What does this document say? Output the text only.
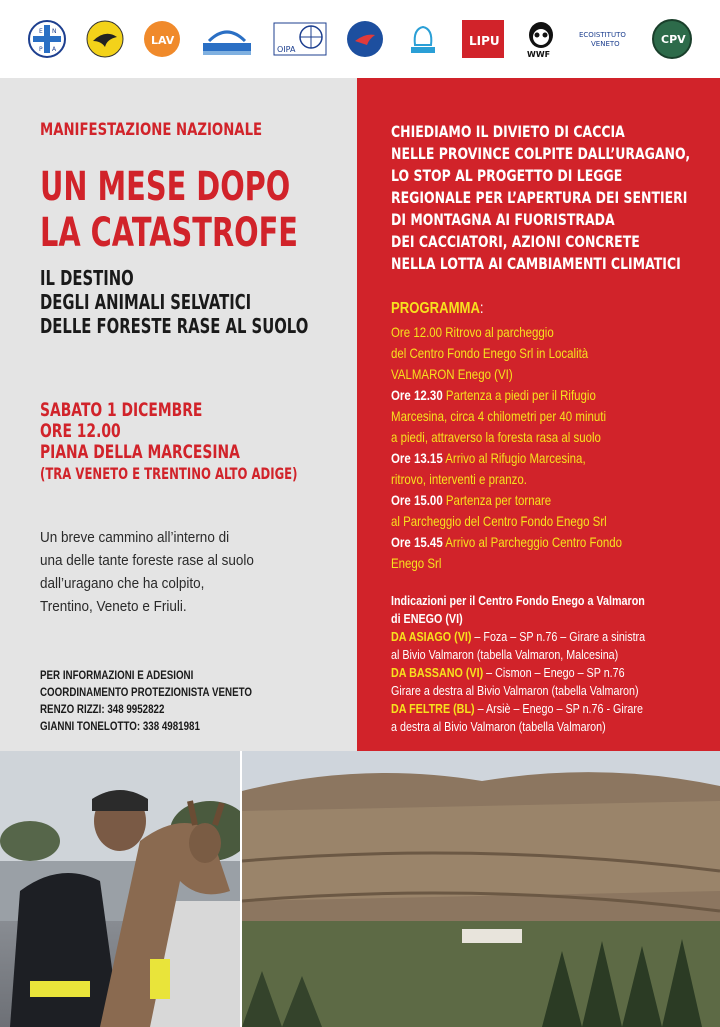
E N
P A
LAV
OIPA
LIPU
WWF
ECOISTITUTO
VENETO	CPV
MANIFESTAZIONE NAZIONALE
UN MESE DOPO
LA CATASTROFE
IL DESTINO
DEGLI ANIMALI SELVATICI
DELLE FORESTE RASE AL SUOLO
SABATO 1 DICEMBRE
ORE 12.00
PIANA DELLA MARCESINA
(TRA VENETO E TRENTINO ALTO ADIGE)
Un breve cammino all’interno di
una delle tante foreste rase al suolo
dall’uragano che ha colpito,
Trentino, Veneto e Friuli.
PER INFORMAZIONI E ADESIONI
COORDINAMENTO PROTEZIONISTA VENETO
RENZO RIZZI: 348 9952822
GIANNI TONELOTTO: 338 4981981
CHIEDIAMO IL DIVIETO DI CACCIA
NELLE PROVINCE COLPITE DALL’URAGANO,
LO STOP AL PROGETTO DI LEGGE
REGIONALE PER L’APERTURA DEI SENTIERI
DI MONTAGNA AI FUORISTRADA
DEI CACCIATORI, AZIONI CONCRETE
NELLA LOTTA AI CAMBIAMENTI CLIMATICI
PROGRAMMA:
Ore 12.00 Ritrovo al parcheggio
del Centro Fondo Enego Srl in Località
VALMARON Enego (VI)
Ore 12.30 Partenza a piedi per il Rifugio
Marcesina, circa 4 chilometri per 40 minuti
a piedi, attraverso la foresta rasa al suolo
Ore 13.15 Arrivo al Rifugio Marcesina,
ritrovo, interventi e pranzo.
Ore 15.00 Partenza per tornare
al Parcheggio del Centro Fondo Enego Srl
Ore 15.45 Arrivo al Parcheggio Centro Fondo
Enego Srl
Indicazioni per il Centro Fondo Enego a Valmaron
di ENEGO (VI)
DA ASIAGO (VI) – Foza – SP n.76 – Girare a sinistra
al Bivio Valmaron (tabella Valmaron, Malcesina)
DA BASSANO (VI) – Cismon – Enego – SP n.76
Girare a destra al Bivio Valmaron (tabella Valmaron)
DA FELTRE (BL) – Arsiè – Enego – SP n.76 - Girare
a destra al Bivio Valmaron (tabella Valmaron)
